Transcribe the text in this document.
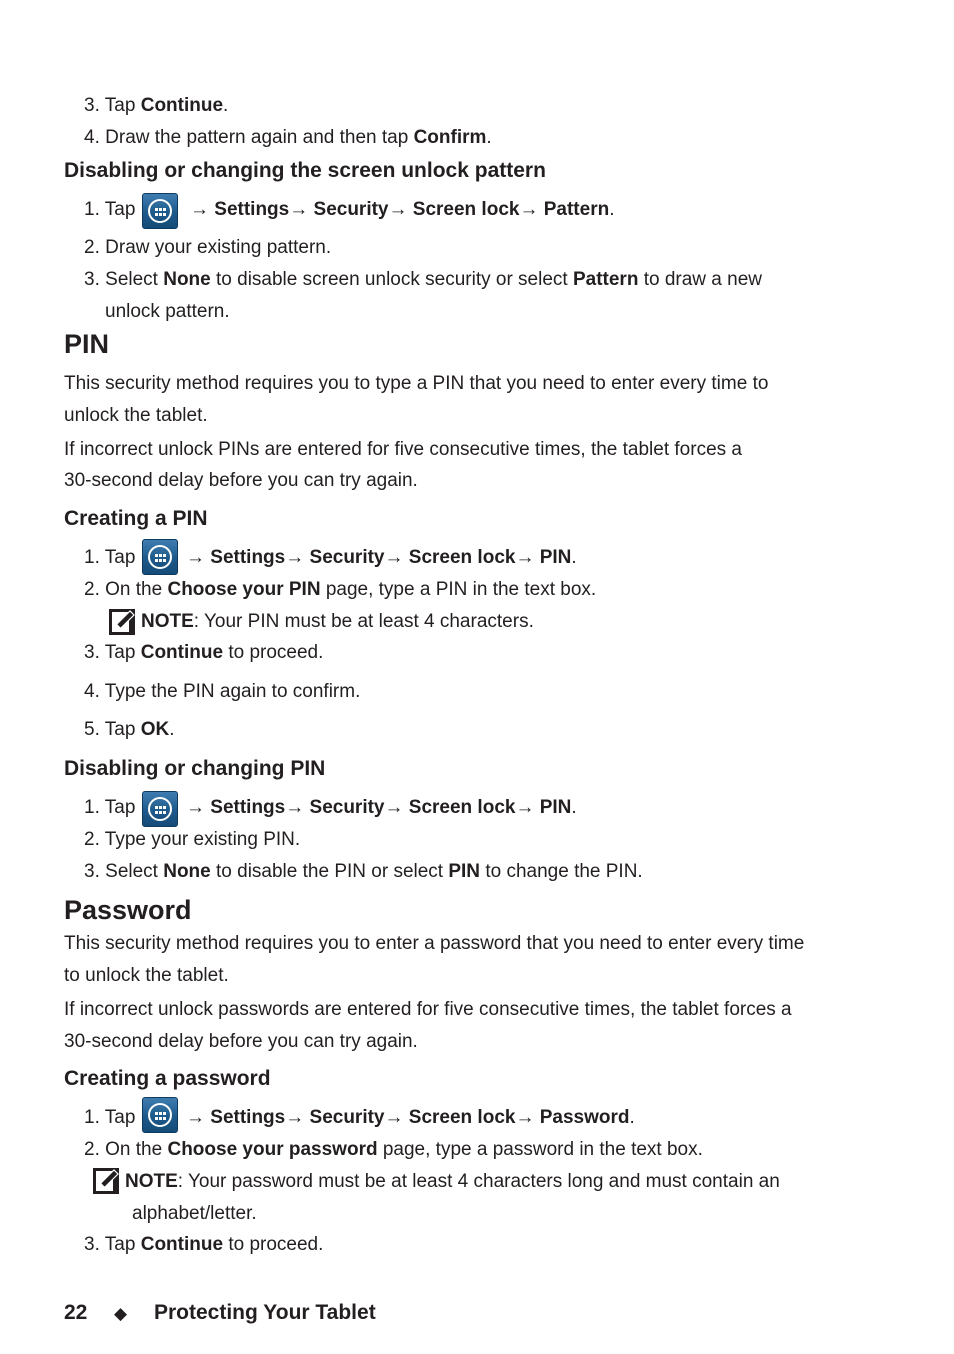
3. Tap Continue.
4. Draw the pattern again and then tap Confirm.
Disabling or changing the screen unlock pattern
1. Tap	→ Settings→ Security→ Screen lock→ Pattern.
2. Draw your existing pattern.
3. Select None to disable screen unlock security or select Pattern to draw a new
unlock pattern.
PIN
This security method requires you to type a PIN that you need to enter every time to
unlock the tablet.
If incorrect unlock PINs are entered for five consecutive times, the tablet forces a
30-second delay before you can try again.
Creating a PIN
1. Tap	→ Settings→ Security→ Screen lock→ PIN.
2. On the Choose your PIN page, type a PIN in the text box.
NOTE: Your PIN must be at least 4 characters.
3. Tap Continue to proceed.
4. Type the PIN again to confirm.
5. Tap OK.
Disabling or changing PIN
1. Tap	→ Settings→ Security→ Screen lock→ PIN.
2. Type your existing PIN.
3. Select None to disable the PIN or select PIN to change the PIN.
Password
This security method requires you to enter a password that you need to enter every time
to unlock the tablet.
If incorrect unlock passwords are entered for five consecutive times, the tablet forces a
30-second delay before you can try again.
Creating a password
1. Tap	→ Settings→ Security→ Screen lock→ Password.
2. On the Choose your password page, type a password in the text box.
NOTE: Your password must be at least 4 characters long and must contain an
alphabet/letter.
3. Tap Continue to proceed.
22 ◆ Protecting Your Tablet
